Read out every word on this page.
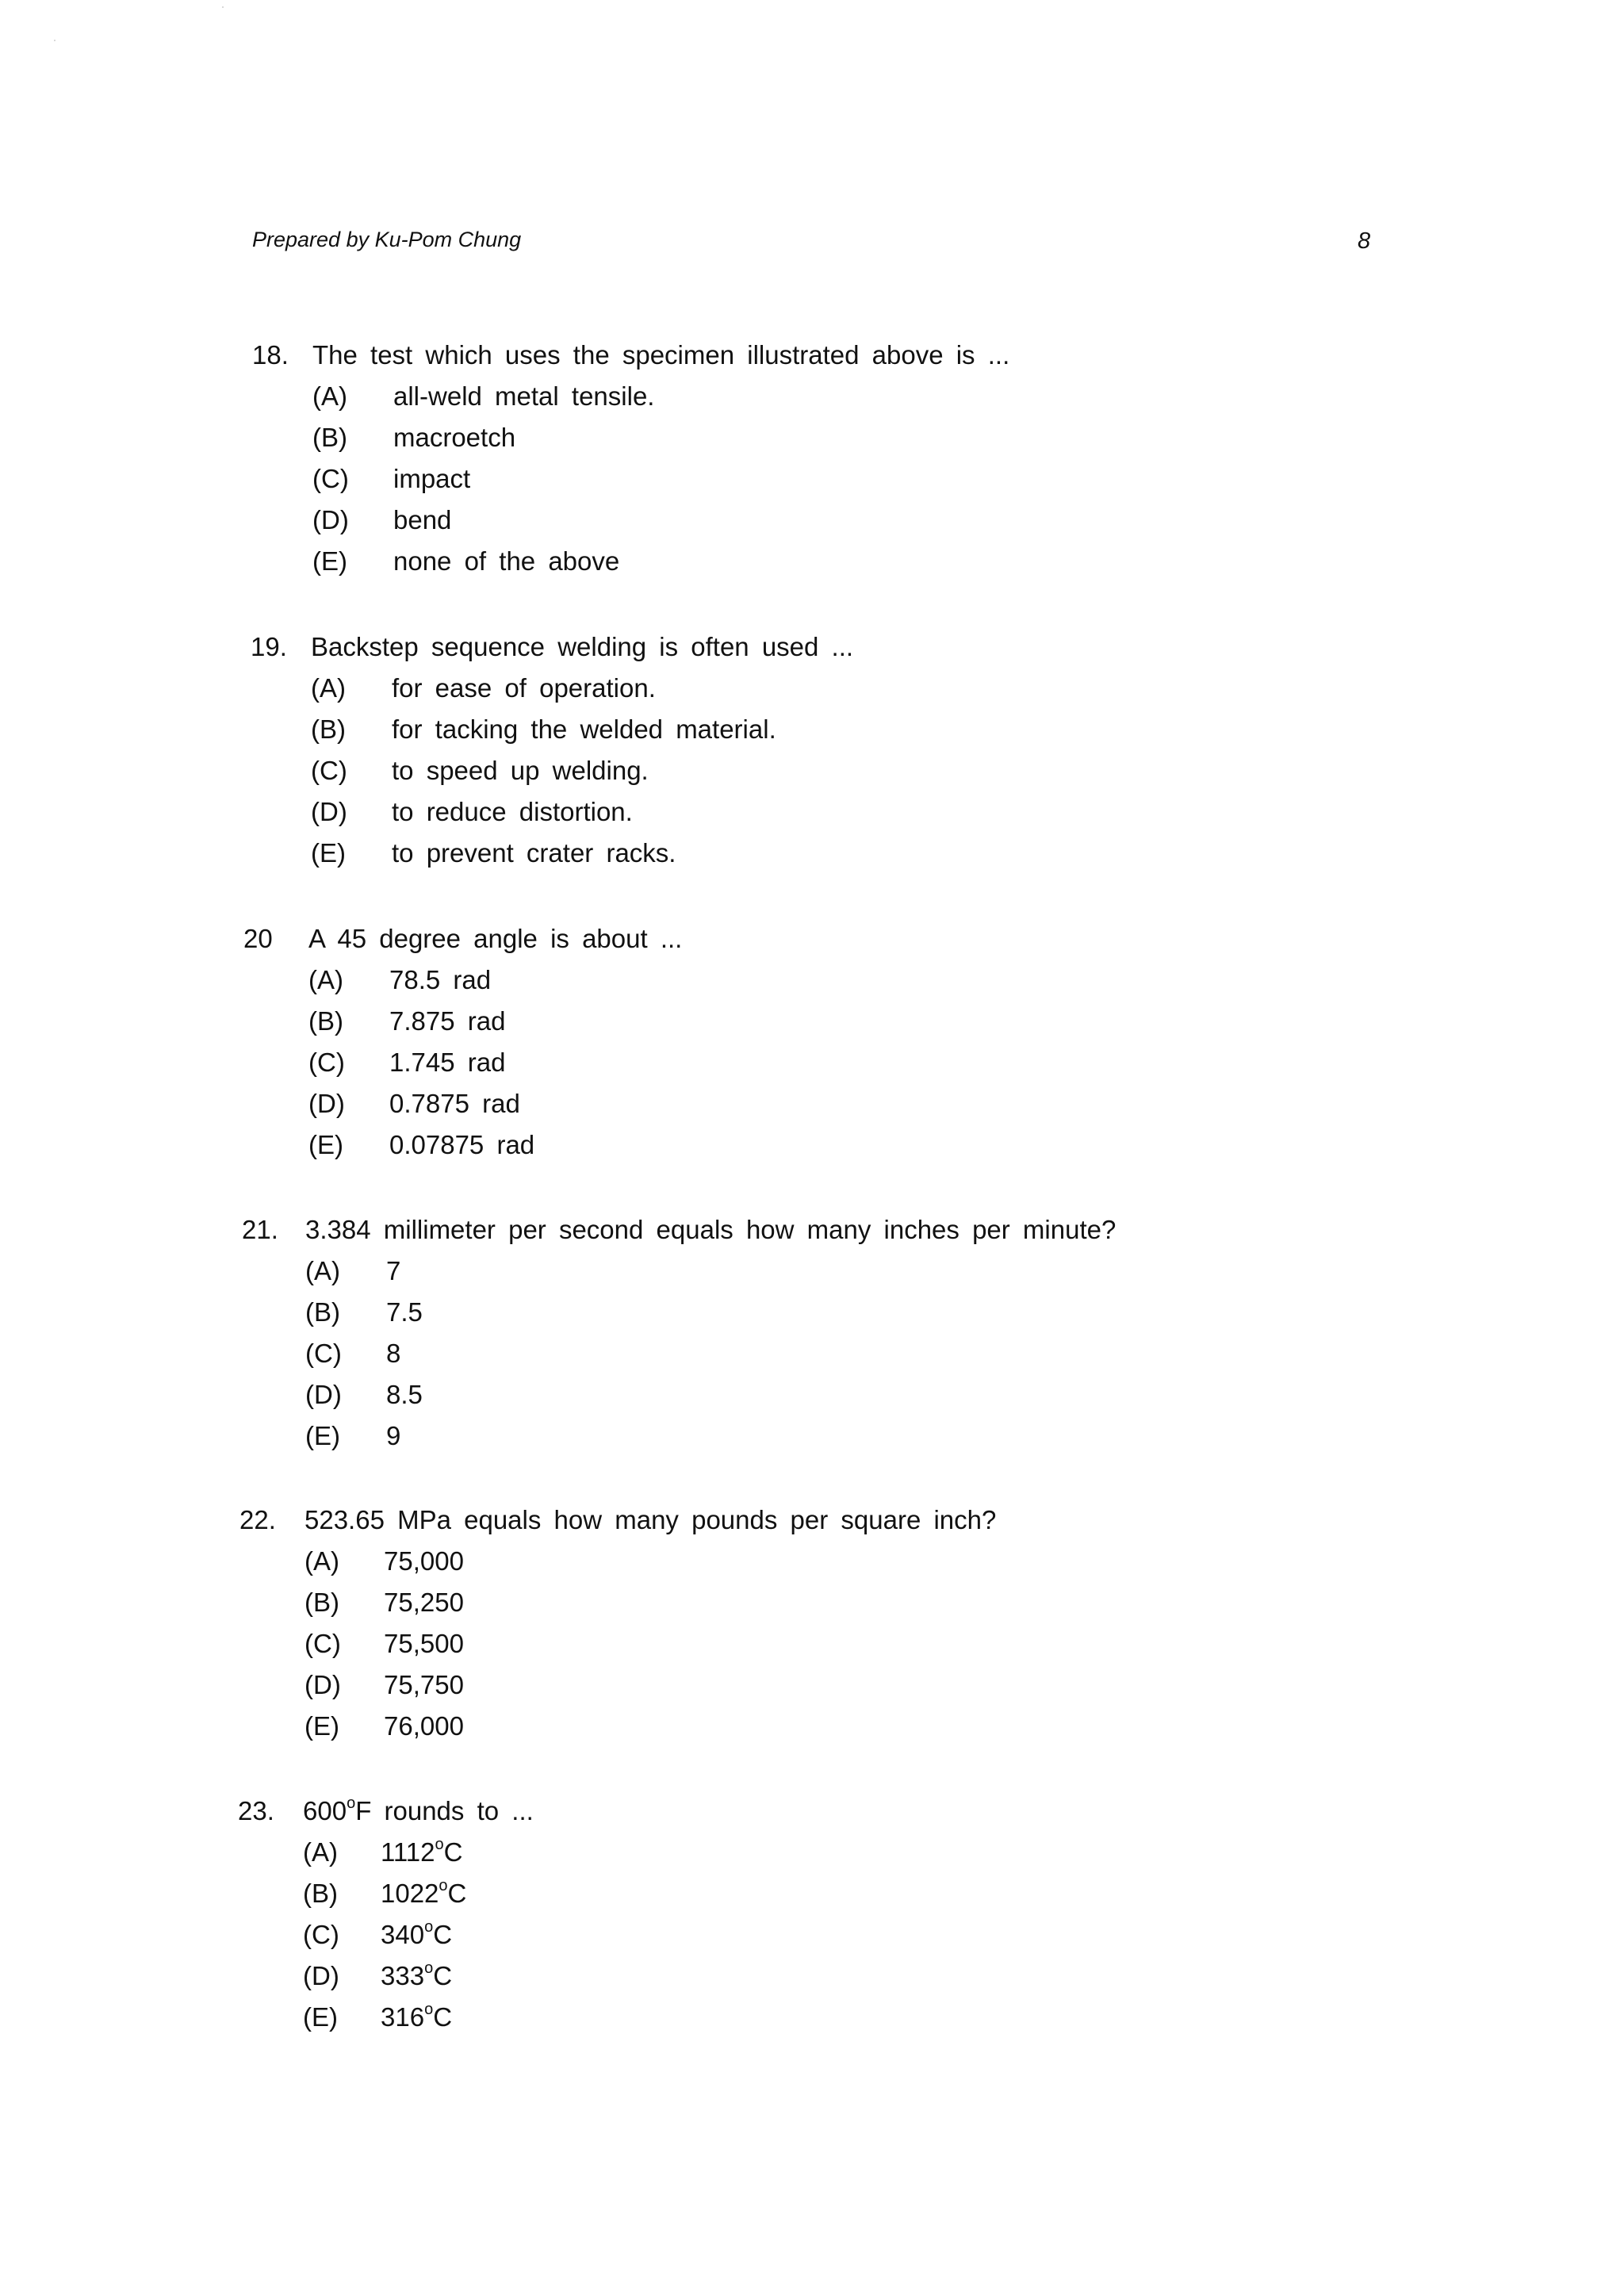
Prepared by Ku-Pom Chung	8
18. The test which uses the specimen illustrated above is ...
(A) all-weld metal tensile.
(B) macroetch
(C) impact
(D) bend
(E) none of the above
19. Backstep sequence welding is often used ...
(A) for ease of operation.
(B) for tacking the welded material.
(C) to speed up welding.
(D) to reduce distortion.
(E) to prevent crater racks.
20 A 45 degree angle is about ...
(A) 78.5 rad
(B) 7.875 rad
(C) 1.745 rad
(D) 0.7875 rad
(E) 0.07875 rad
21. 3.384 millimeter per second equals how many inches per minute?
(A) 7
(B) 7.5
(C) 8
(D) 8.5
(E) 9
22. 523.65 MPa equals how many pounds per square inch?
(A) 75,000
(B) 75,250
(C) 75,500
(D) 75,750
(E) 76,000
23. 600$^o$F rounds to ...
(A) 1112$^o$C
(B) 1022$^o$C
(C) 340$^o$C
(D) 333$^o$C
(E) 316$^o$C
